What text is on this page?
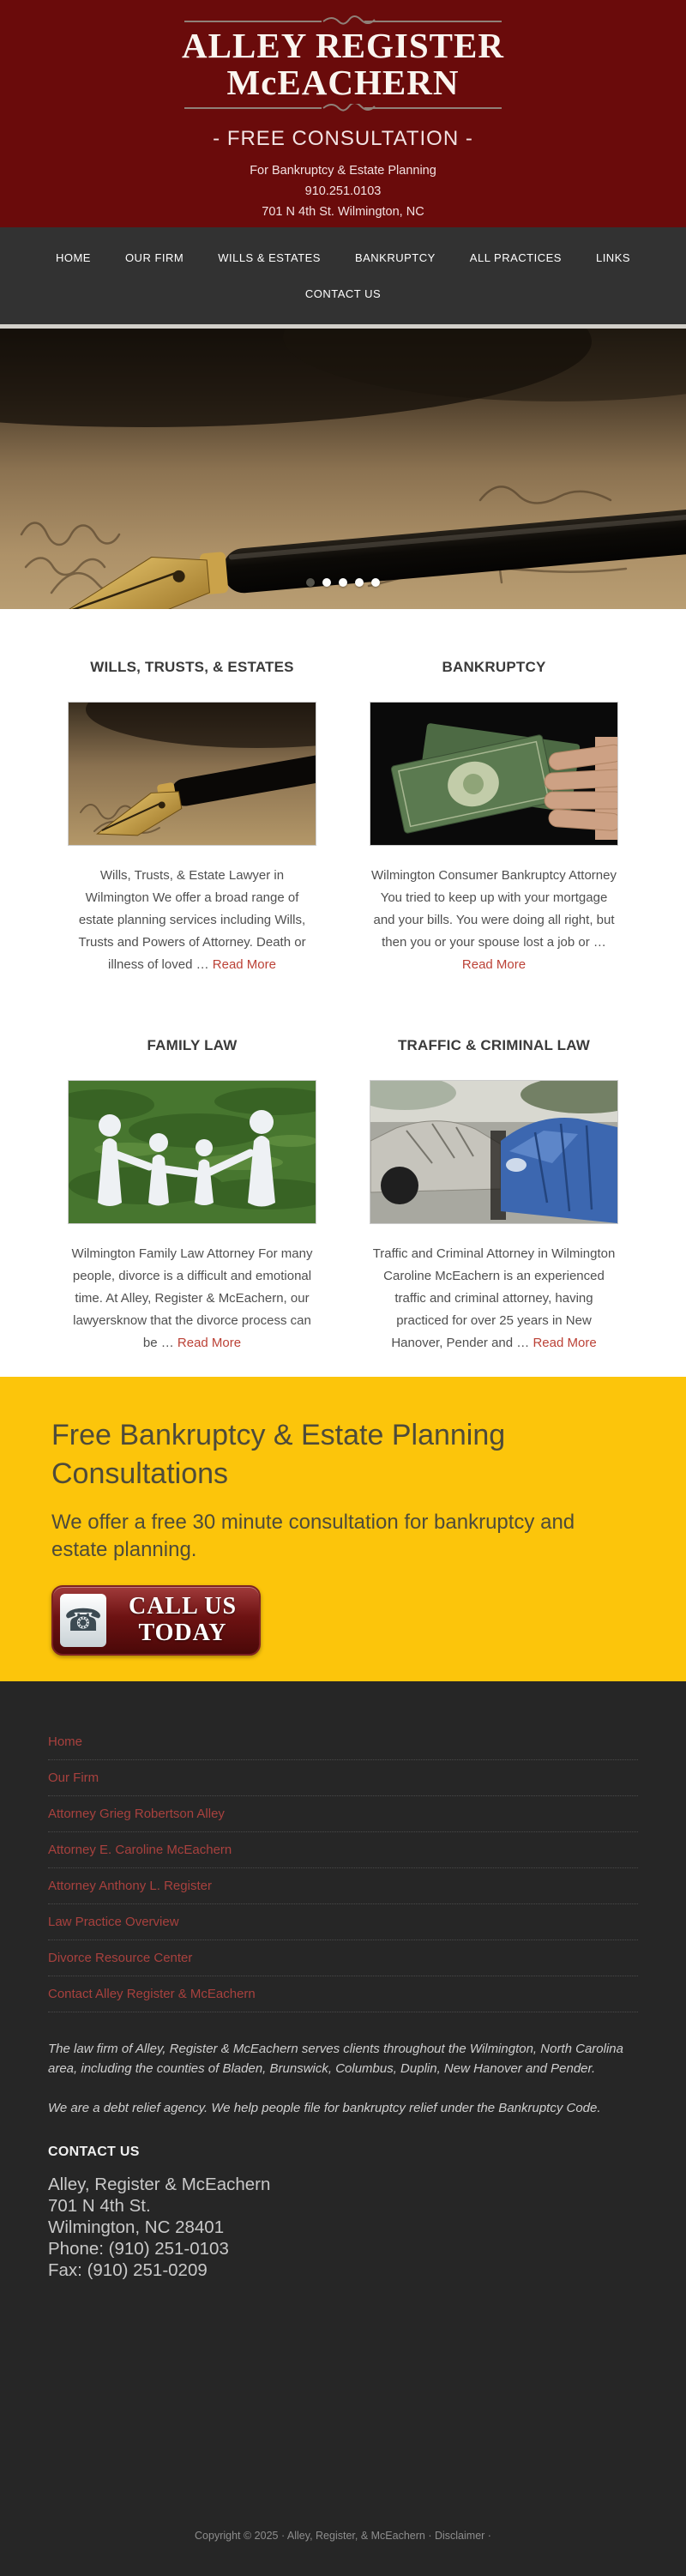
ALLEY REGISTER
McEACHERN
- FREE CONSULTATION -
For Bankruptcy & Estate Planning
910.251.0103
701 N 4th St. Wilmington, NC
HOME	OUR FIRM	WILLS & ESTATES	BANKRUPTCY	ALL PRACTICES	LINKS
CONTACT US
WILLS, TRUSTS, & ESTATES

Wills, Trusts, & Estate Lawyer in Wilmington We offer a broad range of estate planning services including Wills, Trusts and Powers of Attorney. Death or illness of loved … Read More

BANKRUPTCY

Wilmington Consumer Bankruptcy Attorney You tried to keep up with your mortgage and your bills. You were doing all right, but then you or your spouse lost a job or … Read More

FAMILY LAW

Wilmington Family Law Attorney For many people, divorce is a difficult and emotional time. At Alley, Register & McEachern, our lawyersknow that the divorce process can be … Read More

TRAFFIC & CRIMINAL LAW

Traffic and Criminal Attorney in Wilmington Caroline McEachern is an experienced traffic and criminal attorney, having practiced for over 25 years in New Hanover, Pender and … Read More

Free Bankruptcy & Estate Planning Consultations

We offer a free 30 minute consultation for bankruptcy and estate planning.

☎	CALL US
TODAY
Home
Our Firm
Attorney Grieg Robertson Alley
Attorney E. Caroline McEachern
Attorney Anthony L. Register
Law Practice Overview
Divorce Resource Center
Contact Alley Register & McEachern

The law firm of Alley, Register & McEachern serves clients throughout the Wilmington, North Carolina area, including the counties of Bladen, Brunswick, Columbus, Duplin, New Hanover and Pender.

We are a debt relief agency. We help people file for bankruptcy relief under the Bankruptcy Code.

CONTACT US
Alley, Register & McEachern
701 N 4th St.
Wilmington, NC 28401
Phone: (910) 251-0103
Fax: (910) 251-0209
Copyright © 2025 · Alley, Register, & McEachern · Disclaimer ·
